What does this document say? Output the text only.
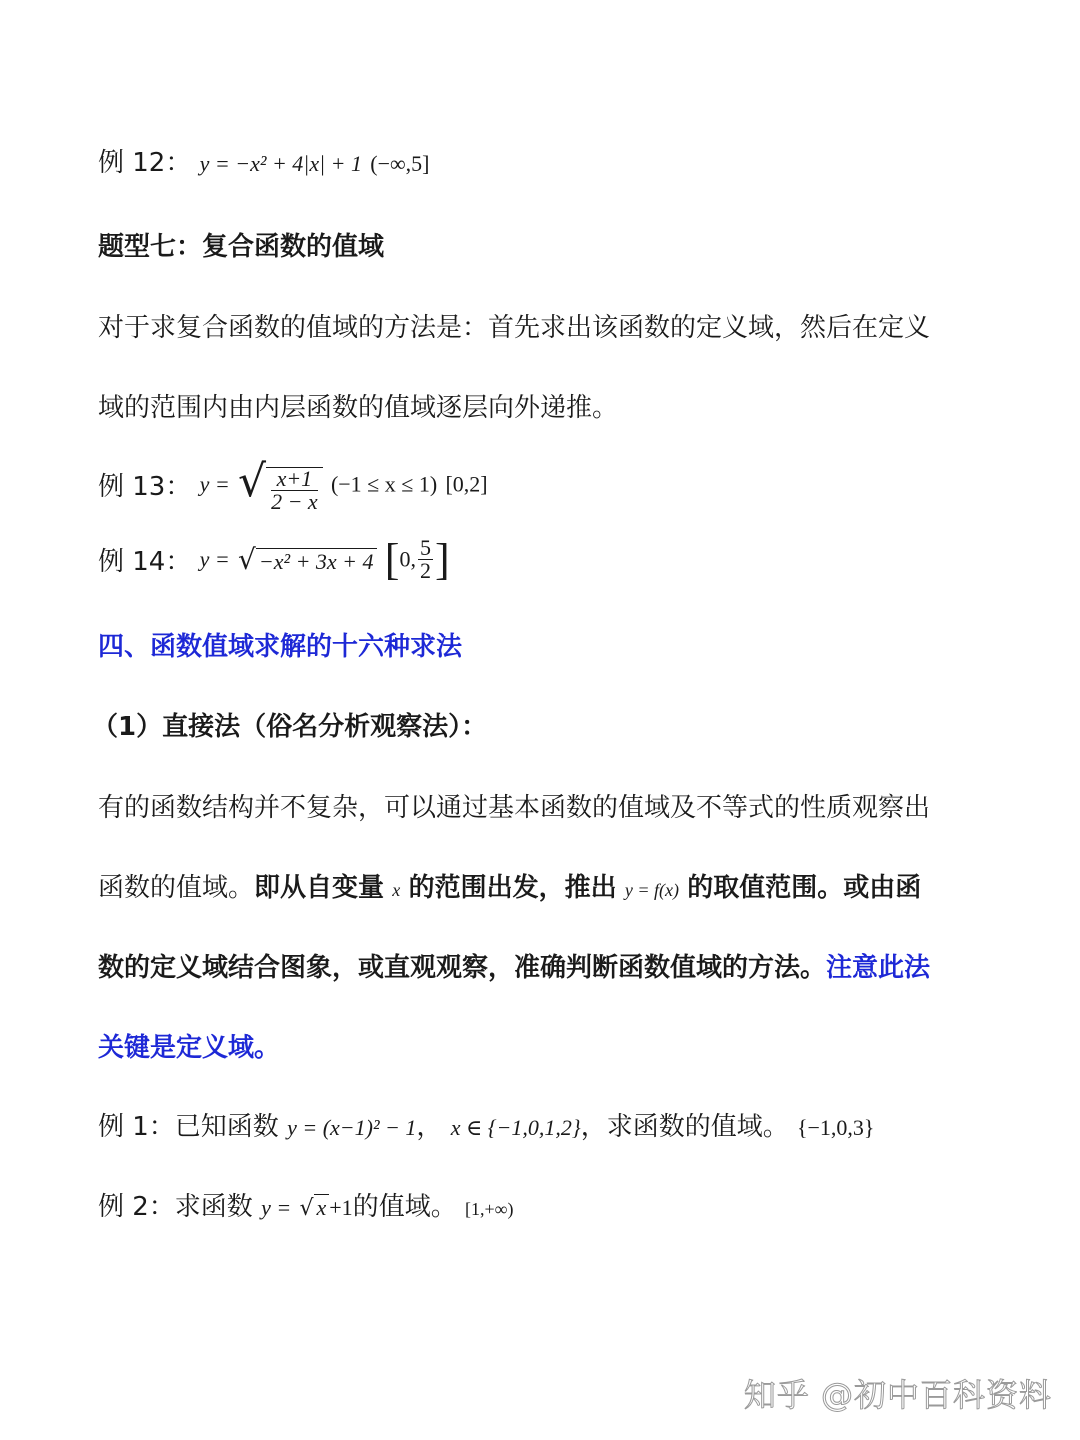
例 12： y = −x² + 4|x| + 1 (−∞,5]
题型七：复合函数的值域
对于求复合函数的值域的方法是：首先求出该函数的定义域，然后在定义
域的范围内由内层函数的值域逐层向外递推。
例 13： y = √ $\frac{x+1}{2 - x} (-1 \le x \le 1)$ [0,2]
例 14： y = √ −x² + 3x + 4 [0, $\frac{5}{2}$ ]
四、函数值域求解的十六种求法
（1）直接法（俗名分析观察法）：
有的函数结构并不复杂，可以通过基本函数的值域及不等式的性质观察出
函数的值域。即从自变量 x 的范围出发，推出 y = f(x) 的取值范围。或由函
数的定义域结合图象，或直观观察，准确判断函数值域的方法。注意此法
关键是定义域。
例 1：已知函数 y = (x−1)² − 1， x ∈ {−1,0,1,2}，求函数的值域。 {−1,0,3}
例 2：求函数 y = √ x +1的值域。 [1,+∞)
知乎 @初中百科资料
